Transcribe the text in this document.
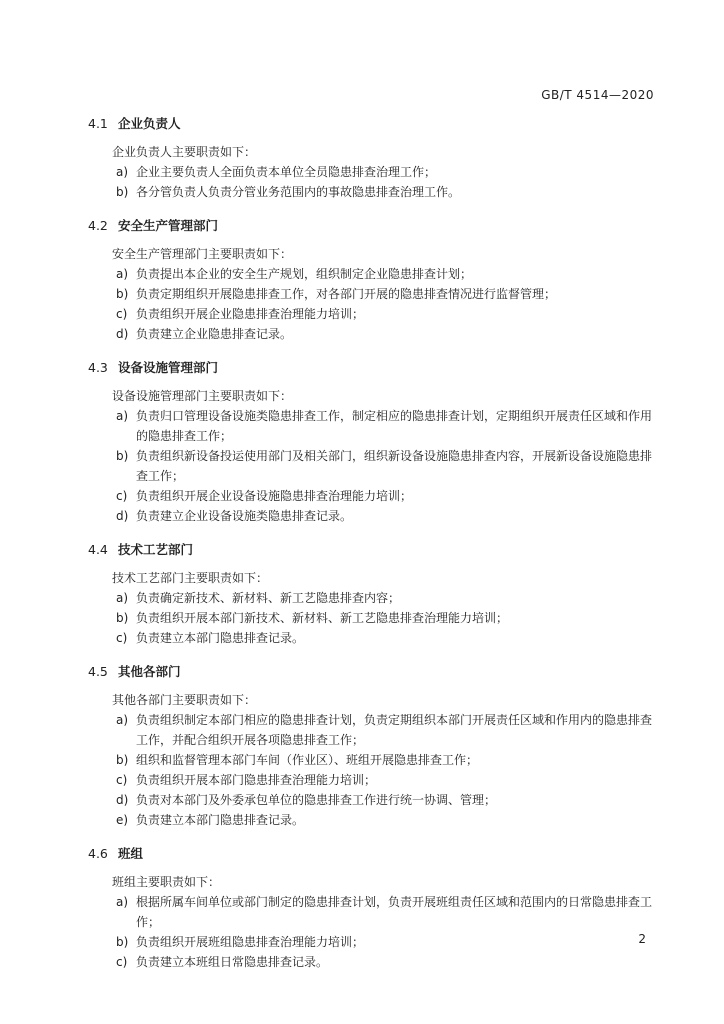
GB/T 4514—2020
4.1 企业负责人
企业负责人主要职责如下：
a) 企业主要负责人全面负责本单位全员隐患排查治理工作；
b) 各分管负责人负责分管业务范围内的事故隐患排查治理工作。
4.2 安全生产管理部门
安全生产管理部门主要职责如下：
a) 负责提出本企业的安全生产规划，组织制定企业隐患排查计划；
b) 负责定期组织开展隐患排查工作，对各部门开展的隐患排查情况进行监督管理；
c) 负责组织开展企业隐患排查治理能力培训；
d) 负责建立企业隐患排查记录。
4.3 设备设施管理部门
设备设施管理部门主要职责如下：
a) 负责归口管理设备设施类隐患排查工作，制定相应的隐患排查计划，定期组织开展责任区域和作用的隐患排查工作；
b) 负责组织新设备投运使用部门及相关部门，组织新设备设施隐患排查内容，开展新设备设施隐患排查工作；
c) 负责组织开展企业设备设施隐患排查治理能力培训；
d) 负责建立企业设备设施类隐患排查记录。
4.4 技术工艺部门
技术工艺部门主要职责如下：
a) 负责确定新技术、新材料、新工艺隐患排查内容；
b) 负责组织开展本部门新技术、新材料、新工艺隐患排查治理能力培训；
c) 负责建立本部门隐患排查记录。
4.5 其他各部门
其他各部门主要职责如下：
a) 负责组织制定本部门相应的隐患排查计划，负责定期组织本部门开展责任区域和作用内的隐患排查工作，并配合组织开展各项隐患排查工作；
b) 组织和监督管理本部门车间（作业区）、班组开展隐患排查工作；
c) 负责组织开展本部门隐患排查治理能力培训；
d) 负责对本部门及外委承包单位的隐患排查工作进行统一协调、管理；
e) 负责建立本部门隐患排查记录。
4.6 班组
班组主要职责如下：
a) 根据所属车间单位或部门制定的隐患排查计划，负责开展班组责任区域和范围内的日常隐患排查工作；
b) 负责组织开展班组隐患排查治理能力培训；
c) 负责建立本班组日常隐患排查记录。
2
